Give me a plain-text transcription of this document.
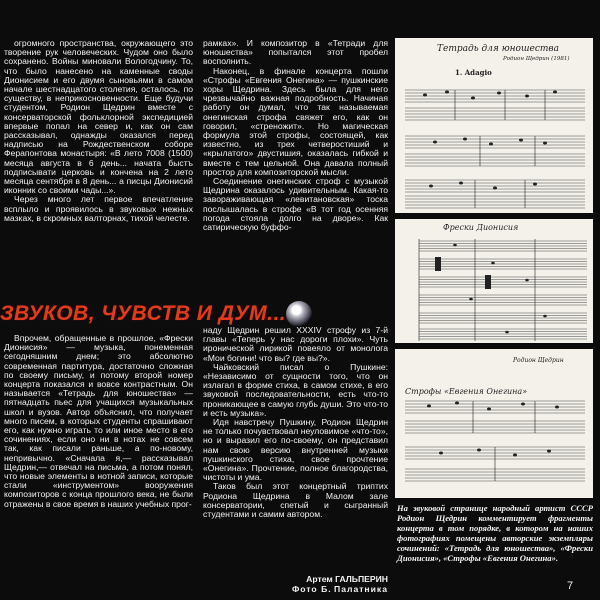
огромного пространства, окружающего это творение рук человеческих. Чудом оно было сохранено. Войны миновали Вологодчину. То, что было нанесено на каменные своды Дионисием и его двумя сыновьями в самом начале шестнадцатого столетия, осталось, по существу, в неприкосновенности. Еще будучи студентом, Родион Щедрин вместе с консерваторской фольклорной экспедицией впервые попал на север и, как он сам рассказывал, однажды оказался перед надписью на Рождественском соборе Ферапонтова монастыря: «В лето 7008 (1500) месяца августа в 6 день... начата быстъ подписывати церковь и кончена на 2 лето месяца сентября в 8 день... а писцы Дионисий иконник со своими чады...».

Через много лет первое впечатление всплыло и проявилось в звуковых нежных мазках, в скромных валторнах, тихой челесте.

рамках». И композитор в «Тетради для юношества» попытался этот пробел восполнить.

Наконец, в финале концерта пошли «Строфы «Евгения Онегина» — пушкинские хоры Щедрина. Здесь была для него чрезвычайно важная подробность. Начиная работу он думал, что так называемая онегинская строфа свяжет его, как он говорил, «стреножит». Но магическая формула этой строфы, состоящей, как известно, из трех четверостиший и «крылатого» двустишия, оказалась гибкой и вместе с тем цельной. Она давала полный простор для композиторской мысли.

Соединение онегинских строф с музыкой Щедрина оказалось удивительным. Какая-то завораживающая «левитановская» тоска послышалась в строфе «В тот год осенняя погода стояла долго на дворе». Как сатирическую буффо-

ЗВУКОВ, ЧУВСТВ И ДУМ...

Впрочем, обращенные в прошлое, «Фрески Дионисия» — музыка, понеменная сегодняшним днем; это абсолютно современная партитура, достаточно сложная по своему письму, и потому второй номер концерта показался и вовсе контрастным. Он называется «Тетрадь для юношества» — пятнадцать пьес для учащихся музыкальных школ и вузов. Автор объяснил, что получает много писем, в которых студенты спрашивают его, как нужно играть то или иное место в его сочинениях, если оно ни в нотах не совсем так, как писали раньше, а по-новому, непривычно. «Сначала я,— рассказывал Щедрин,— отвечал на письма, а потом понял, что новые элементы в нотной записи, которые стали «инструментом» вооружения композиторов с конца прошлого века, не были отражены в свое время в наших учебных прог-

наду Щедрин решил XXXIV строфу из 7-й главы «Теперь у нас дороги плохи». Чуть иронической лирикой повеяло от монолога «Мои богини! что вы? где вы?».

Чайковский писал о Пушкине: «Независимо от сущности того, что он излагал в форме стиха, в самом стихе, в его звуковой последовательности, есть что-то проникающее в самую глубь души. Это что-то и есть музыка».

Идя навстречу Пушкину, Родион Щедрин не только почувствовал неуловимое «что-то», но и выразил его по-своему, он представил нам свою версию внутренней музыки пушкинского стиха, свое прочтение «Онегина». Прочтение, полное благородства, чистоты и ума.

Таков был этот концертный триптих Родиона Щедрина в Малом зале консерватории, спетый и сыгранный студентами и самим автором.

Артем ГАЛЬПЕРИН
Фото Б. Палатника
Тетрадь для юношества
Родион Щедрин (1981)
1. Adagio
Фрески Дионисия
Родион Щедрин
Строфы «Евгения Онегина»

На звуковой странице народный артист СССР Родион Щедрин комментирует фрагменты концерта в том порядке, в котором на наших фотографиях помещены авторские экземпляры сочинений: «Тетрадь для юношества», «Фрески Дионисия», «Строфы «Евгения Онегина».

7
